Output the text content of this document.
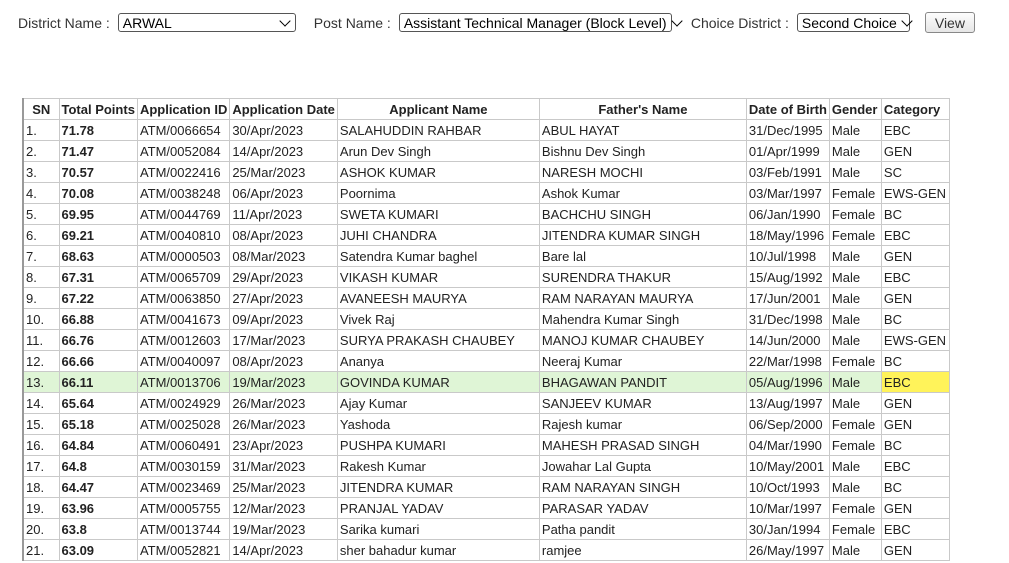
District Name : ARWAL	Post Name : Assistant Technical Manager (Block Level) Choice District : Second Choice	View
SN	Total Points	Application ID	Application Date	Applicant Name	Father's Name	Date of Birth	Gender	Category
1.	71.78	ATM/0066654	30/Apr/2023	SALAHUDDIN RAHBAR	ABUL HAYAT	31/Dec/1995	Male	EBC
2.	71.47	ATM/0052084	14/Apr/2023	Arun Dev Singh	Bishnu Dev Singh	01/Apr/1999	Male	GEN
3.	70.57	ATM/0022416	25/Mar/2023	ASHOK KUMAR	NARESH MOCHI	03/Feb/1991	Male	SC
4.	70.08	ATM/0038248	06/Apr/2023	Poornima	Ashok Kumar	03/Mar/1997	Female	EWS-GEN
5.	69.95	ATM/0044769	11/Apr/2023	SWETA KUMARI	BACHCHU SINGH	06/Jan/1990	Female	BC
6.	69.21	ATM/0040810	08/Apr/2023	JUHI CHANDRA	JITENDRA KUMAR SINGH	18/May/1996	Female	EBC
7.	68.63	ATM/0000503	08/Mar/2023	Satendra Kumar baghel	Bare lal	10/Jul/1998	Male	GEN
8.	67.31	ATM/0065709	29/Apr/2023	VIKASH KUMAR	SURENDRA THAKUR	15/Aug/1992	Male	EBC
9.	67.22	ATM/0063850	27/Apr/2023	AVANEESH MAURYA	RAM NARAYAN MAURYA	17/Jun/2001	Male	GEN
10.	66.88	ATM/0041673	09/Apr/2023	Vivek Raj	Mahendra Kumar Singh	31/Dec/1998	Male	BC
11.	66.76	ATM/0012603	17/Mar/2023	SURYA PRAKASH CHAUBEY	MANOJ KUMAR CHAUBEY	14/Jun/2000	Male	EWS-GEN
12.	66.66	ATM/0040097	08/Apr/2023	Ananya	Neeraj Kumar	22/Mar/1998	Female	BC
13.	66.11	ATM/0013706	19/Mar/2023	GOVINDA KUMAR	BHAGAWAN PANDIT	05/Aug/1996	Male	EBC
14.	65.64	ATM/0024929	26/Mar/2023	Ajay Kumar	SANJEEV KUMAR	13/Aug/1997	Male	GEN
15.	65.18	ATM/0025028	26/Mar/2023	Yashoda	Rajesh kumar	06/Sep/2000	Female	GEN
16.	64.84	ATM/0060491	23/Apr/2023	PUSHPA KUMARI	MAHESH PRASAD SINGH	04/Mar/1990	Female	BC
17.	64.8	ATM/0030159	31/Mar/2023	Rakesh Kumar	Jowahar Lal Gupta	10/May/2001	Male	EBC
18.	64.47	ATM/0023469	25/Mar/2023	JITENDRA KUMAR	RAM NARAYAN SINGH	10/Oct/1993	Male	BC
19.	63.96	ATM/0005755	12/Mar/2023	PRANJAL YADAV	PARASAR YADAV	10/Mar/1997	Female	GEN
20.	63.8	ATM/0013744	19/Mar/2023	Sarika kumari	Patha pandit	30/Jan/1994	Female	EBC
21.	63.09	ATM/0052821	14/Apr/2023	sher bahadur kumar	ramjee	26/May/1997	Male	GEN
